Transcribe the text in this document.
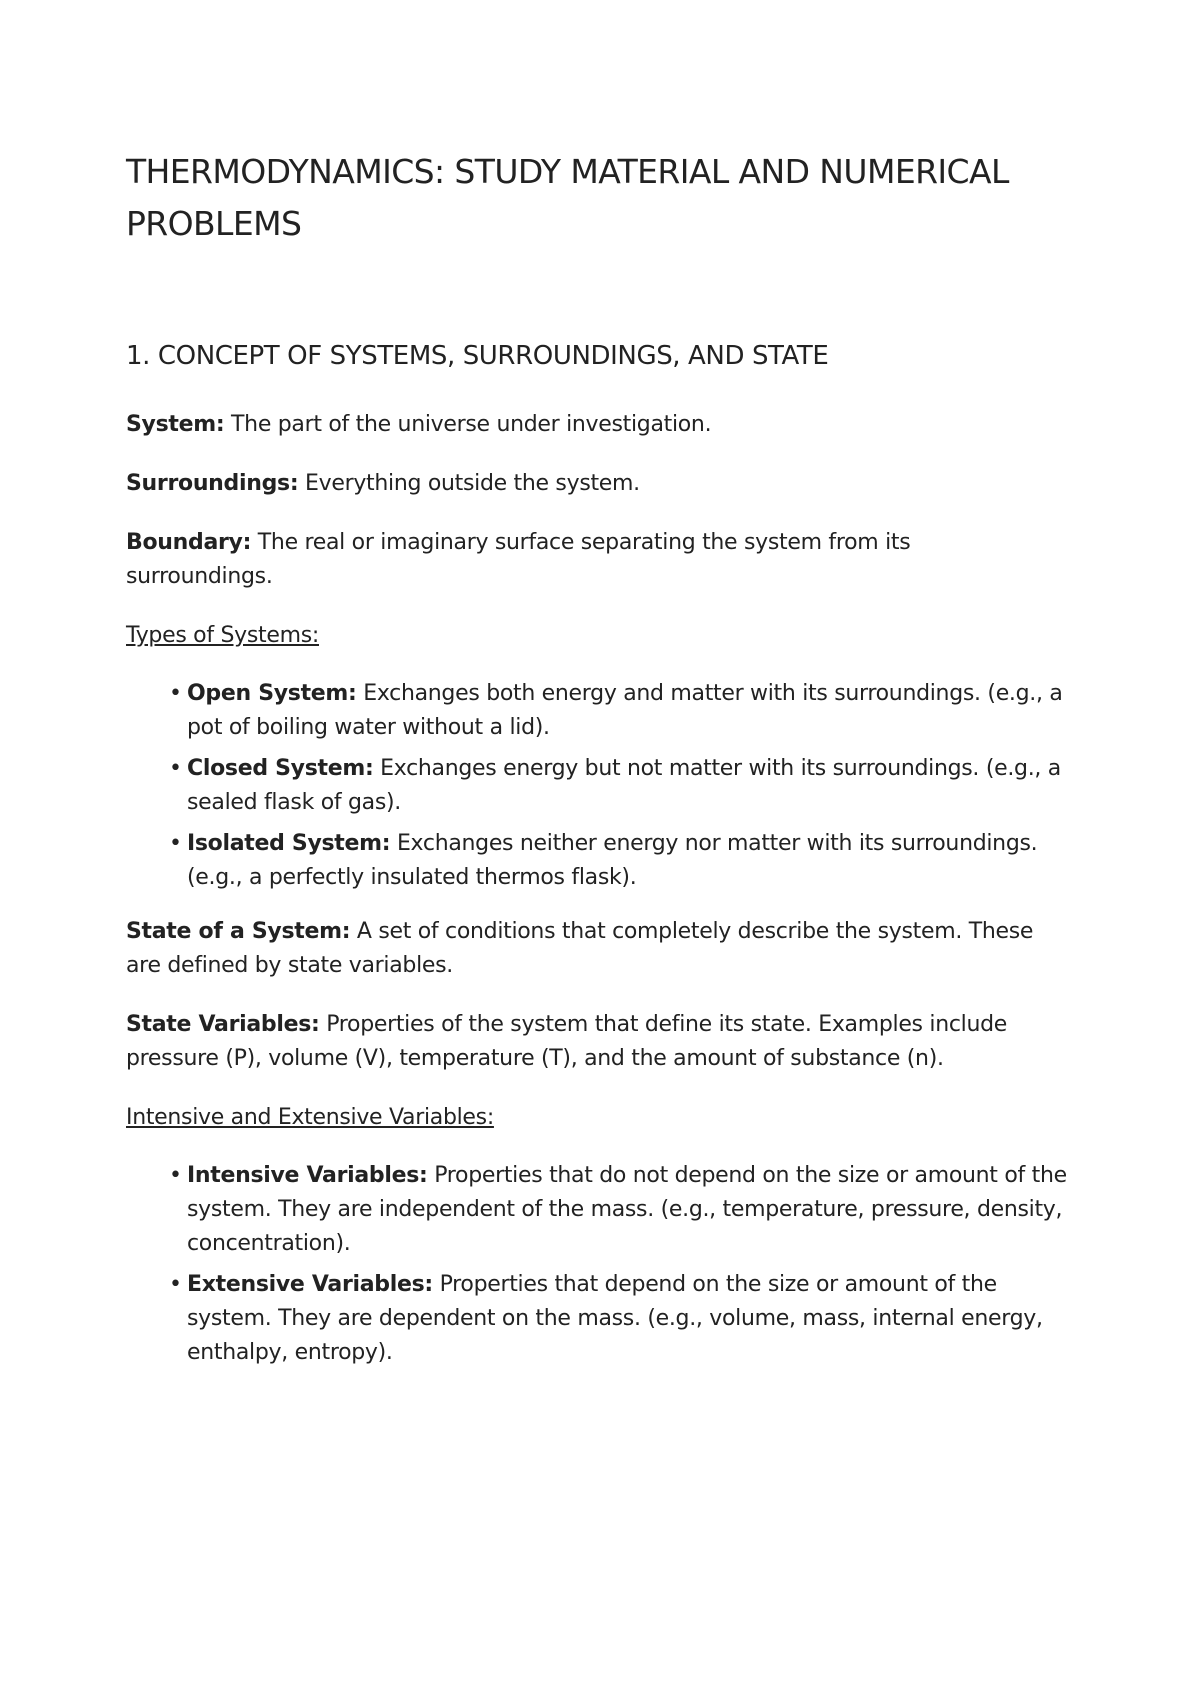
THERMODYNAMICS: STUDY MATERIAL AND NUMERICAL PROBLEMS
1. CONCEPT OF SYSTEMS, SURROUNDINGS, AND STATE

System: The part of the universe under investigation.

Surroundings: Everything outside the system.

Boundary: The real or imaginary surface separating the system from its surroundings.

Types of Systems:

• Open System: Exchanges both energy and matter with its surroundings. (e.g., a pot of boiling water without a lid).
• Closed System: Exchanges energy but not matter with its surroundings. (e.g., a sealed flask of gas).
• Isolated System: Exchanges neither energy nor matter with its surroundings. (e.g., a perfectly insulated thermos flask).

State of a System: A set of conditions that completely describe the system. These are defined by state variables.

State Variables: Properties of the system that define its state. Examples include pressure (P), volume (V), temperature (T), and the amount of substance (n).

Intensive and Extensive Variables:

• Intensive Variables: Properties that do not depend on the size or amount of the system. They are independent of the mass. (e.g., temperature, pressure, density, concentration).
• Extensive Variables: Properties that depend on the size or amount of the system. They are dependent on the mass. (e.g., volume, mass, internal energy, enthalpy, entropy).
